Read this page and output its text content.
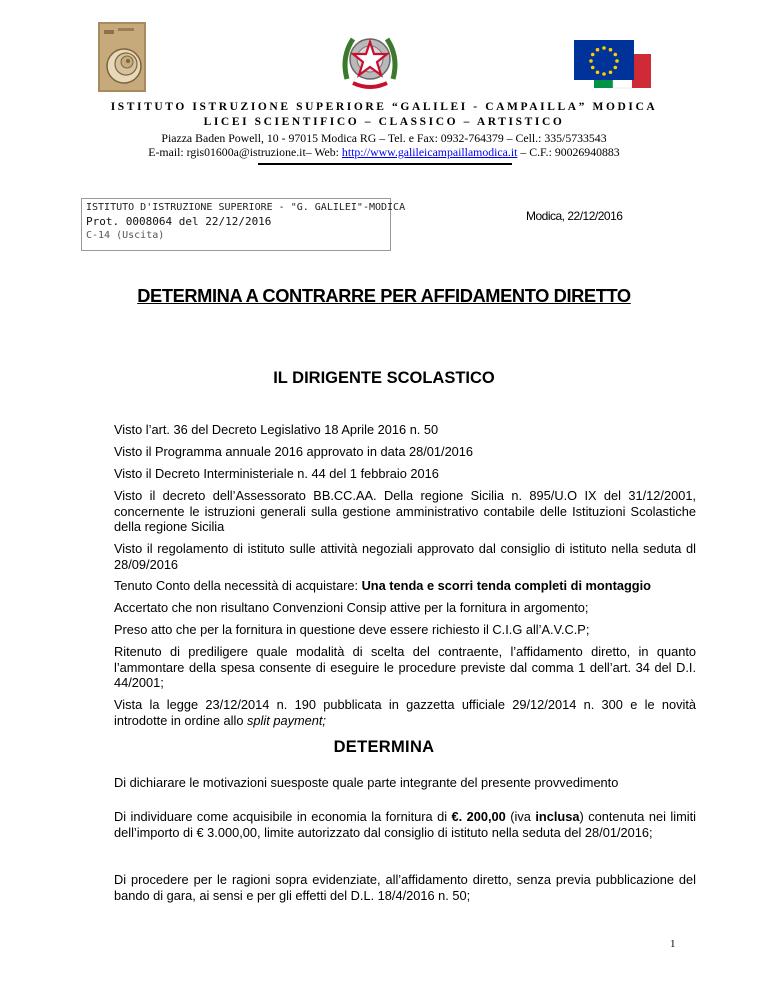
ISTITUTO ISTRUZIONE SUPERIORE “GALILEI - CAMPAILLA” MODICA
LICEI SCIENTIFICO – CLASSICO – ARTISTICO
Piazza Baden Powell, 10 - 97015 Modica RG – Tel. e Fax: 0932-764379 – Cell.: 335/5733543
E-mail: rgis01600a@istruzione.it– Web: http://www.galileicampaillamodica.it – C.F.: 90026940883
ISTITUTO D'ISTRUZIONE SUPERIORE - "G. GALILEI"-MODICA
Prot. 0008064 del 22/12/2016
C-14 (Uscita)
Modica, 22/12/2016
DETERMINA A CONTRARRE PER AFFIDAMENTO DIRETTO
IL DIRIGENTE SCOLASTICO
Visto l’art. 36 del Decreto Legislativo 18 Aprile 2016 n. 50
Visto il Programma annuale 2016 approvato in data 28/01/2016
Visto il Decreto Interministeriale n. 44 del 1 febbraio 2016
Visto il decreto dell’Assessorato BB.CC.AA. Della regione Sicilia n. 895/U.O IX del 31/12/2001, concernente le istruzioni generali sulla gestione amministrativo contabile delle Istituzioni Scolastiche della regione Sicilia
Visto il regolamento di istituto sulle attività negoziali approvato dal consiglio di istituto nella seduta dl 28/09/2016
Tenuto Conto della necessità di acquistare: Una tenda e scorri tenda completi di montaggio
Accertato che non risultano Convenzioni Consip attive per la fornitura in argomento;
Preso atto che per la fornitura in questione deve essere richiesto il C.I.G all’A.V.C.P;
Ritenuto di prediligere quale modalità di scelta del contraente, l’affidamento diretto, in quanto l’ammontare della spesa consente di eseguire le procedure previste dal comma 1 dell’art. 34 del D.I. 44/2001;
Vista la legge 23/12/2014 n. 190 pubblicata in gazzetta ufficiale 29/12/2014 n. 300 e le novità introdotte in ordine allo split payment;
DETERMINA
Di dichiarare le motivazioni suesposte quale parte integrante del presente provvedimento
Di individuare come acquisibile in economia la fornitura di €. 200,00 (iva inclusa) contenuta nei limiti dell’importo di € 3.000,00, limite autorizzato dal consiglio di istituto nella seduta del 28/01/2016;
Di procedere per le ragioni sopra evidenziate, all’affidamento diretto, senza previa pubblicazione del bando di gara, ai sensi e per gli effetti del D.L. 18/4/2016 n. 50;
1
